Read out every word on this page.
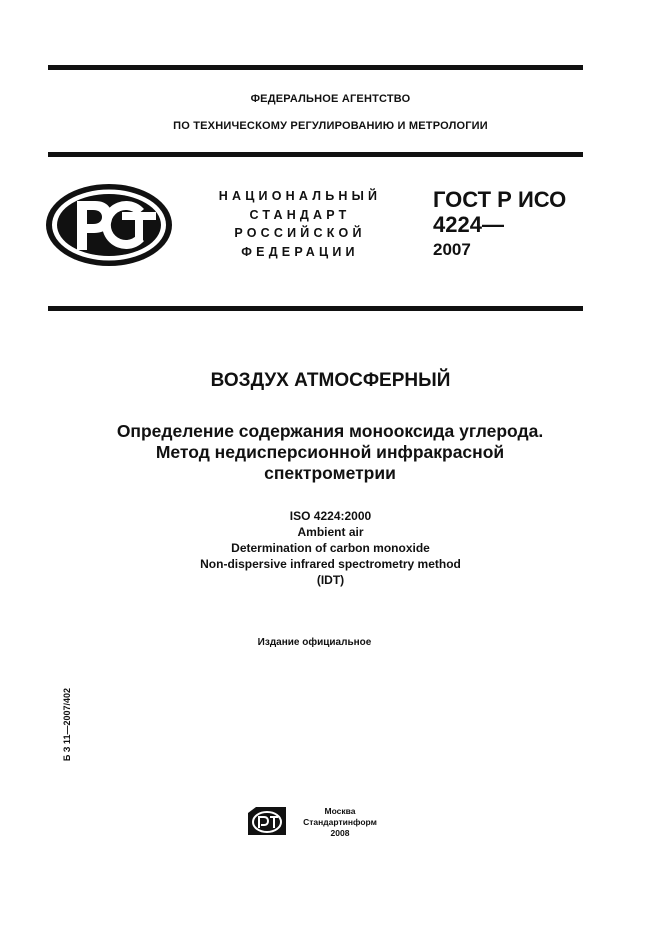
ФЕДЕРАЛЬНОЕ АГЕНТСТВО
ПО ТЕХНИЧЕСКОМУ РЕГУЛИРОВАНИЮ И МЕТРОЛОГИИ
НАЦИОНАЛЬНЫЙ
СТАНДАРТ
РОССИЙСКОЙ
ФЕДЕРАЦИИ
ГОСТ Р ИСО
4224—
2007
ВОЗДУХ АТМОСФЕРНЫЙ
Определение содержания монооксида углерода.
Метод недисперсионной инфракрасной
спектрометрии
ISO 4224:2000
Ambient air
Determination of carbon monoxide
Non-dispersive infrared spectrometry method
(IDT)
Издание официальное
Б З 11—2007/402
Москва
Стандартинформ
2008
